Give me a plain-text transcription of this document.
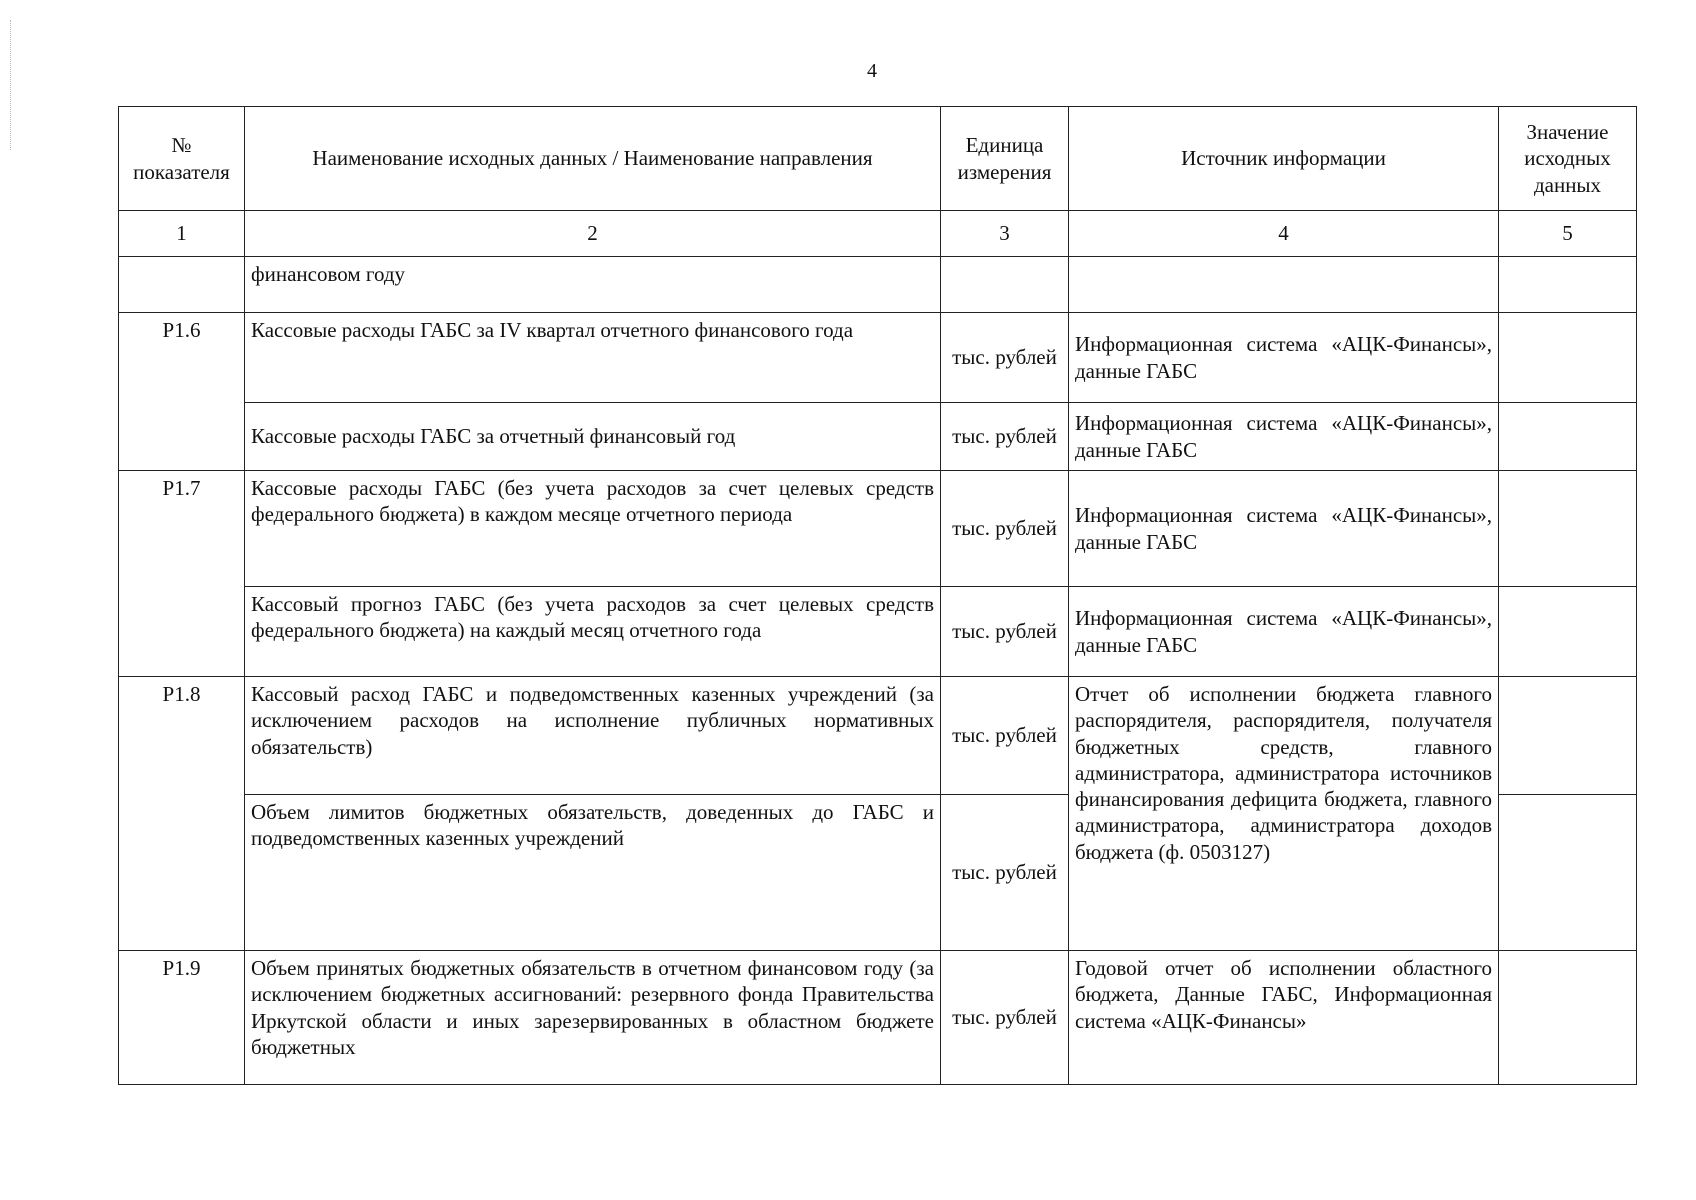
4
№ показателя	Наименование исходных данных / Наименование направления	Единица измерения	Источник информации	Значение исходных данных
1	2	3	4	5
	финансовом году			
Р1.6	Кассовые расходы ГАБС за IV квартал отчетного финансового года	тыс. рублей	Информационная система «АЦК-Финансы», данные ГАБС	
	Кассовые расходы ГАБС за отчетный финансовый год	тыс. рублей	Информационная система «АЦК-Финансы», данные ГАБС	
Р1.7	Кассовые расходы ГАБС (без учета расходов за счет целевых средств федерального бюджета) в каждом месяце отчетного периода	тыс. рублей	Информационная система «АЦК-Финансы», данные ГАБС	
	Кассовый прогноз ГАБС (без учета расходов за счет целевых средств федерального бюджета) на каждый месяц отчетного года	тыс. рублей	Информационная система «АЦК-Финансы», данные ГАБС	
Р1.8	Кассовый расход ГАБС и подведомственных казенных учреждений (за исключением расходов на исполнение публичных нормативных обязательств)	тыс. рублей	Отчет об исполнении бюджета главного распорядителя, распорядителя, получателя бюджетных средств, главного администратора, администратора источников финансирования дефицита бюджета, главного администратора, администратора доходов бюджета (ф. 0503127)	
	Объем лимитов бюджетных обязательств, доведенных до ГАБС и подведомственных казенных учреждений	тыс. рублей		
Р1.9	Объем принятых бюджетных обязательств в отчетном финансовом году (за исключением бюджетных ассигнований: резервного фонда Правительства Иркутской области и иных зарезервированных в областном бюджете бюджетных	тыс. рублей	Годовой отчет об исполнении областного бюджета, Данные ГАБС, Информационная система «АЦК-Финансы»	
